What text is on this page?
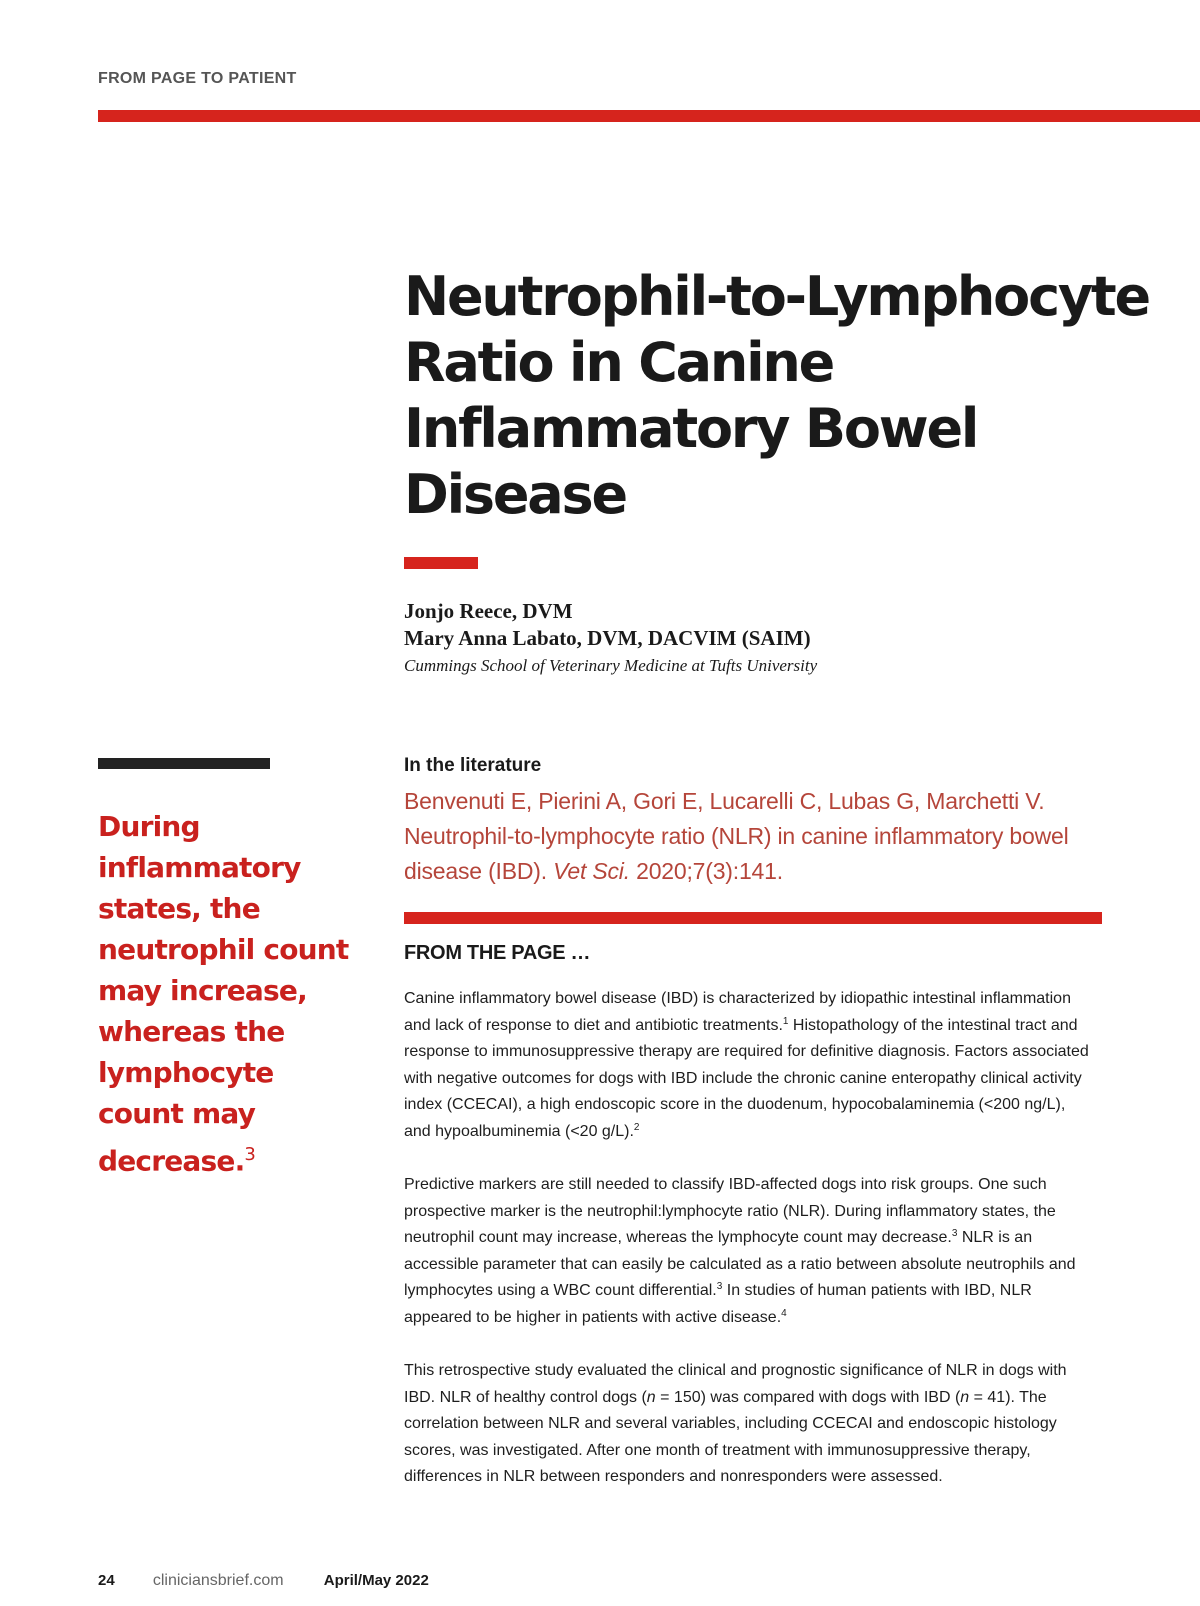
FROM PAGE TO PATIENT
Neutrophil-to-Lymphocyte
Ratio in Canine
Inflammatory Bowel
Disease
Jonjo Reece, DVM
Mary Anna Labato, DVM, DACVIM (SAIM)
Cummings School of Veterinary Medicine at Tufts University

During inflammatory states, the neutrophil count may increase, whereas the lymphocyte count may decrease.$^3$

In the literature

Benvenuti E, Pierini A, Gori E, Lucarelli C, Lubas G, Marchetti V. Neutrophil-to-lymphocyte ratio (NLR) in canine inflammatory bowel disease (IBD). Vet Sci. 2020;7(3):141.

FROM THE PAGE …

Canine inflammatory bowel disease (IBD) is characterized by idiopathic intestinal inflammation and lack of response to diet and antibiotic treatments.$^1$ Histopathology of the intestinal tract and response to immunosuppressive therapy are required for definitive diagnosis. Factors associated with negative outcomes for dogs with IBD include the chronic canine enteropathy clinical activity index (CCECAI), a high endoscopic score in the duodenum, hypocobalaminemia (<200 ng/L), and hypoalbuminemia (<20 g/L).$^2$

Predictive markers are still needed to classify IBD-affected dogs into risk groups. One such prospective marker is the neutrophil:lymphocyte ratio (NLR). During inflammatory states, the neutrophil count may increase, whereas the lymphocyte count may decrease.$^3$ NLR is an accessible parameter that can easily be calculated as a ratio between absolute neutrophils and lymphocytes using a WBC count differential.$^3$ In studies of human patients with IBD, NLR appeared to be higher in patients with active disease.$^4$

This retrospective study evaluated the clinical and prognostic significance of NLR in dogs with IBD. NLR of healthy control dogs (n = 150) was compared with dogs with IBD (n = 41). The correlation between NLR and several variables, including CCECAI and endoscopic histology scores, was investigated. After one month of treatment with immunosuppressive therapy, differences in NLR between responders and nonresponders were assessed.

24 cliniciansbrief.com	April/May 2022
